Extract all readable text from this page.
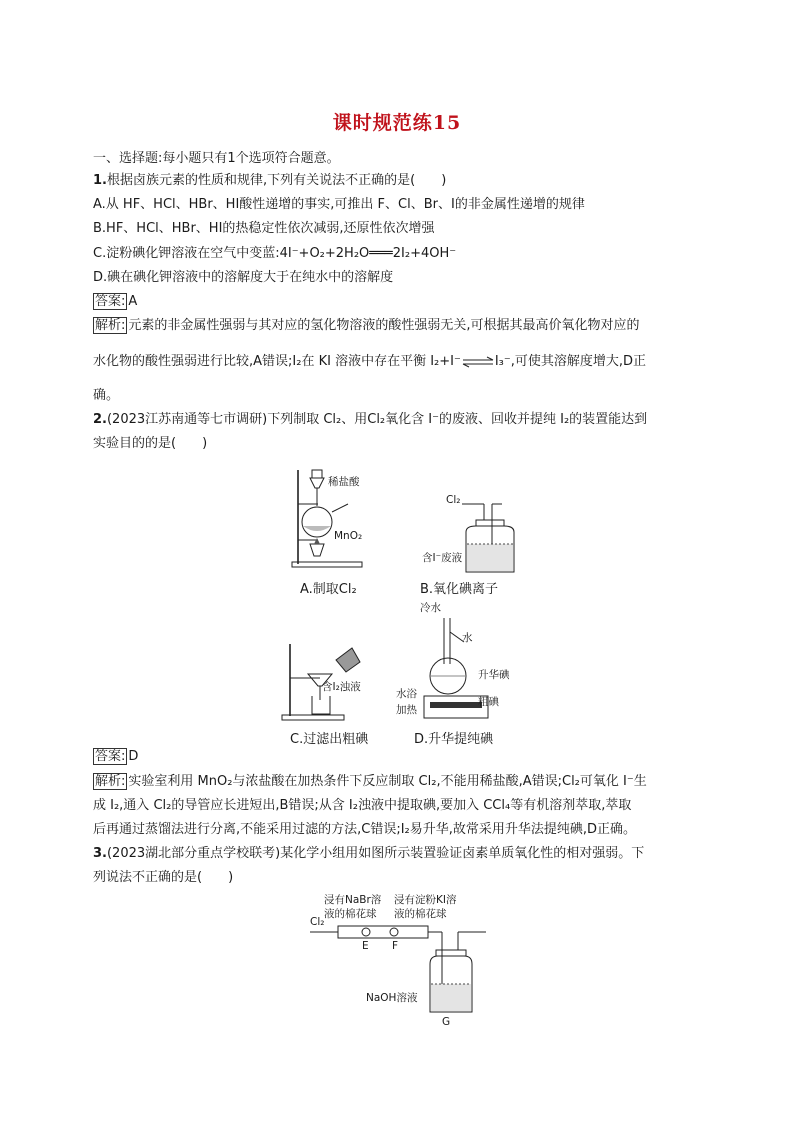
课时规范练15
一、选择题:每小题只有1个选项符合题意。
1.根据卤族元素的性质和规律,下列有关说法不正确的是(　　)
A.从 HF、HCl、HBr、HI酸性递增的事实,可推出 F、Cl、Br、I的非金属性递增的规律
B.HF、HCl、HBr、HI的热稳定性依次减弱,还原性依次增强
C.淀粉碘化钾溶液在空气中变蓝:4I⁻+O₂+2H₂O═══2I₂+4OH⁻
D.碘在碘化钾溶液中的溶解度大于在纯水中的溶解度
答案: A
解析: 元素的非金属性强弱与其对应的氢化物溶液的酸性强弱无关,可根据其最高价氧化物对应的
水化物的酸性强弱进行比较,A错误;I₂在 KI 溶液中存在平衡 I₂+I⁻⇌I₃⁻,可使其溶解度增大,D正
确。
2.(2023江苏南通等七市调研)下列制取 Cl₂、用Cl₂氧化含 I⁻的废液、回收并提纯 I₂的装置能达到
实验目的的是(　　)
稀盐酸
MnO₂
A.制取Cl₂
Cl₂
含I⁻废液
B.氧化碘离子
含I₂浊液
C.过滤出粗碘
冷水
水
升华碘
水浴
加热
粗碘
D.升华提纯碘
答案: D
解析: 实验室利用 MnO₂与浓盐酸在加热条件下反应制取 Cl₂,不能用稀盐酸,A错误;Cl₂可氧化 I⁻生
成 I₂,通入 Cl₂的导管应长进短出,B错误;从含 I₂浊液中提取碘,要加入 CCl₄等有机溶剂萃取,萃取
后再通过蒸馏法进行分离,不能采用过滤的方法,C错误;I₂易升华,故常采用升华法提纯碘,D正确。
3.(2023湖北部分重点学校联考)某化学小组用如图所示装置验证卤素单质氧化性的相对强弱。下
列说法不正确的是(　　)
Cl₂
浸有NaBr溶
液的棉花球
浸有淀粉KI溶
液的棉花球
E F
NaOH溶液
G
